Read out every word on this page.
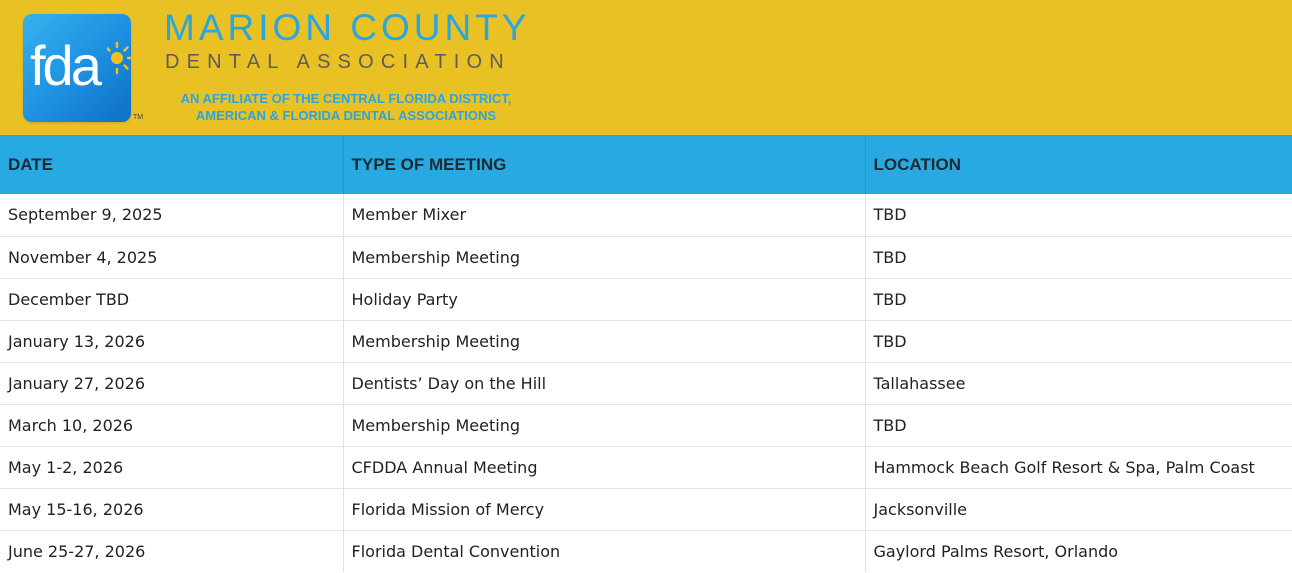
fda
TM
MARION COUNTY
DENTAL ASSOCIATION
AN AFFILIATE OF THE CENTRAL FLORIDA DISTRICT,
AMERICAN & FLORIDA DENTAL ASSOCIATIONS
DATE	TYPE OF MEETING	LOCATION
September 9, 2025	Member Mixer	TBD
November 4, 2025	Membership Meeting	TBD
December TBD	Holiday Party	TBD
January 13, 2026	Membership Meeting	TBD
January 27, 2026	Dentists’ Day on the Hill	Tallahassee
March 10, 2026	Membership Meeting	TBD
May 1-2, 2026	CFDDA Annual Meeting	Hammock Beach Golf Resort & Spa, Palm Coast
May 15-16, 2026	Florida Mission of Mercy	Jacksonville
June 25-27, 2026	Florida Dental Convention	Gaylord Palms Resort, Orlando
